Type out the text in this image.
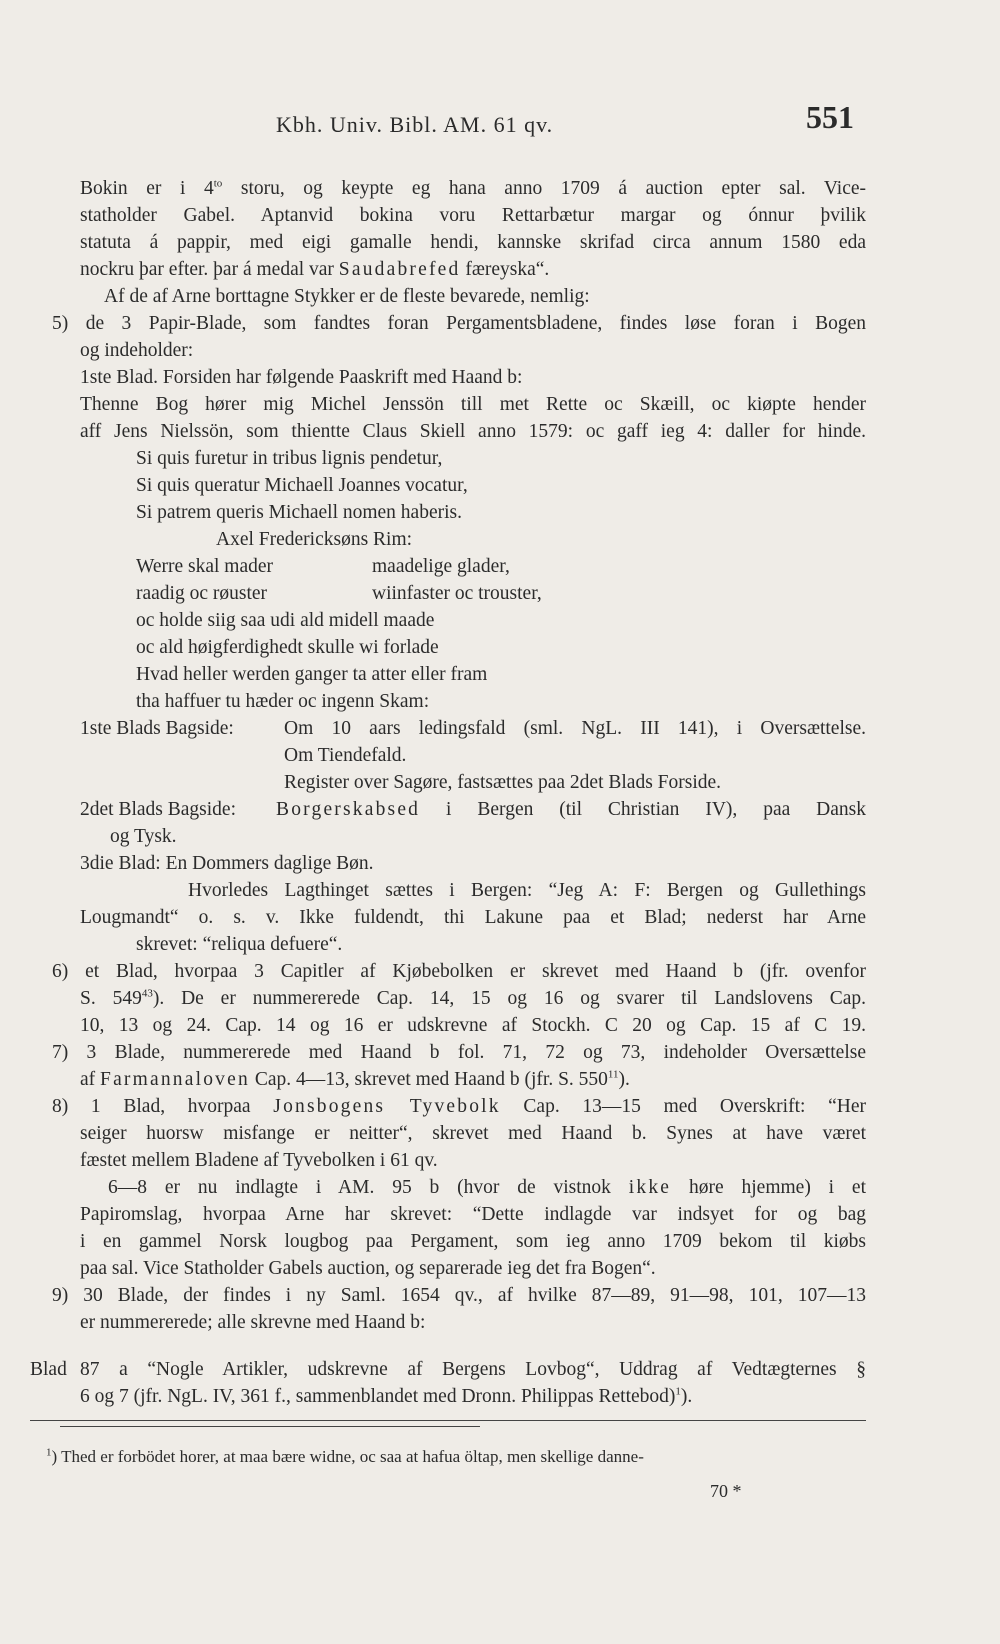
Kbh. Univ. Bibl. AM. 61 qv.	551
Bokin er i $4^{to}$ storu, og keypte eg hana anno 1709 á auction epter sal. Vice-
statholder Gabel. Aptanvid bokina voru Rettarbætur margar og ónnur þvilik
statuta á pappir, med eigi gamalle hendi, kannske skrifad circa annum 1580 eda
nockru þar efter. þar á medal var Saudabrefed færeyska“.
Af de af Arne borttagne Stykker er de fleste bevarede, nemlig:
5) de 3 Papir-Blade, som fandtes foran Pergamentsbladene, findes løse foran i Bogen
og indeholder:
1ste Blad. Forsiden har følgende Paaskrift med Haand b:
Thenne Bog hører mig Michel Jenssön till met Rette oc Skæill, oc kiøpte hender
aff Jens Nielssön, som thientte Claus Skiell anno 1579: oc gaff ieg 4: daller for hinde.
Si quis furetur in tribus lignis pendetur,
Si quis queratur Michaell Joannes vocatur,
Si patrem queris Michaell nomen haberis.
Axel Fredericksøns Rim:
Werre skal mader	maadelige glader,
raadig oc røuster	wiinfaster oc trouster,
oc holde siig saa udi ald midell maade
oc ald høigferdighedt skulle wi forlade
Hvad heller werden ganger ta atter eller fram
tha haffuer tu hæder oc ingenn Skam:
1ste Blads Bagside:	Om 10 aars ledingsfald (sml. NgL. III 141), i Oversættelse.
Om Tiendefald.
Register over Sagøre, fastsættes paa 2det Blads Forside.
2det Blads Bagside: Borgerskabsed i Bergen (til Christian IV), paa Dansk
og Tysk.
3die Blad: En Dommers daglige Bøn.
Hvorledes Lagthinget sættes i Bergen: “Jeg A: F: Bergen og Gullethings
Lougmandt“ o. s. v. Ikke fuldendt, thi Lakune paa et Blad; nederst har Arne
skrevet: “reliqua defuere“.
6) et Blad, hvorpaa 3 Capitler af Kjøbebolken er skrevet med Haand b (jfr. ovenfor
S. $549^{43}$). De er nummererede Cap. 14, 15 og 16 og svarer til Landslovens Cap.
10, 13 og 24. Cap. 14 og 16 er udskrevne af Stockh. C 20 og Cap. 15 af C 19.
7) 3 Blade, nummererede med Haand b fol. 71, 72 og 73, indeholder Oversættelse
af Farmannaloven Cap. 4—13, skrevet med Haand b (jfr. S. $550^{11}$).
8) 1 Blad, hvorpaa Jonsbogens Tyvebolk Cap. 13—15 med Overskrift: “Her
seiger huorsw misfange er neitter“, skrevet med Haand b. Synes at have været
fæstet mellem Bladene af Tyvebolken i 61 qv.
6—8 er nu indlagte i AM. 95 b (hvor de vistnok ikke høre hjemme) i et
Papiromslag, hvorpaa Arne har skrevet: “Dette indlagde var indsyet for og bag
i en gammel Norsk lougbog paa Pergament, som ieg anno 1709 bekom til kiøbs
paa sal. Vice Statholder Gabels auction, og separerade ieg det fra Bogen“.
9) 30 Blade, der findes i ny Saml. 1654 qv., af hvilke 87—89, 91—98, 101, 107—13
er nummererede; alle skrevne med Haand b:
Blad 87 a “Nogle Artikler, udskrevne af Bergens Lovbog“, Uddrag af Vedtægternes §
6 og 7 (jfr. NgL. IV, 361 f., sammenblandet med Dronn. Philippas Rettebod)$^1$).
$^1$) Thed er forbödet horer, at maa bære widne, oc saa at hafua öltap, men skellige danne-
70 *
